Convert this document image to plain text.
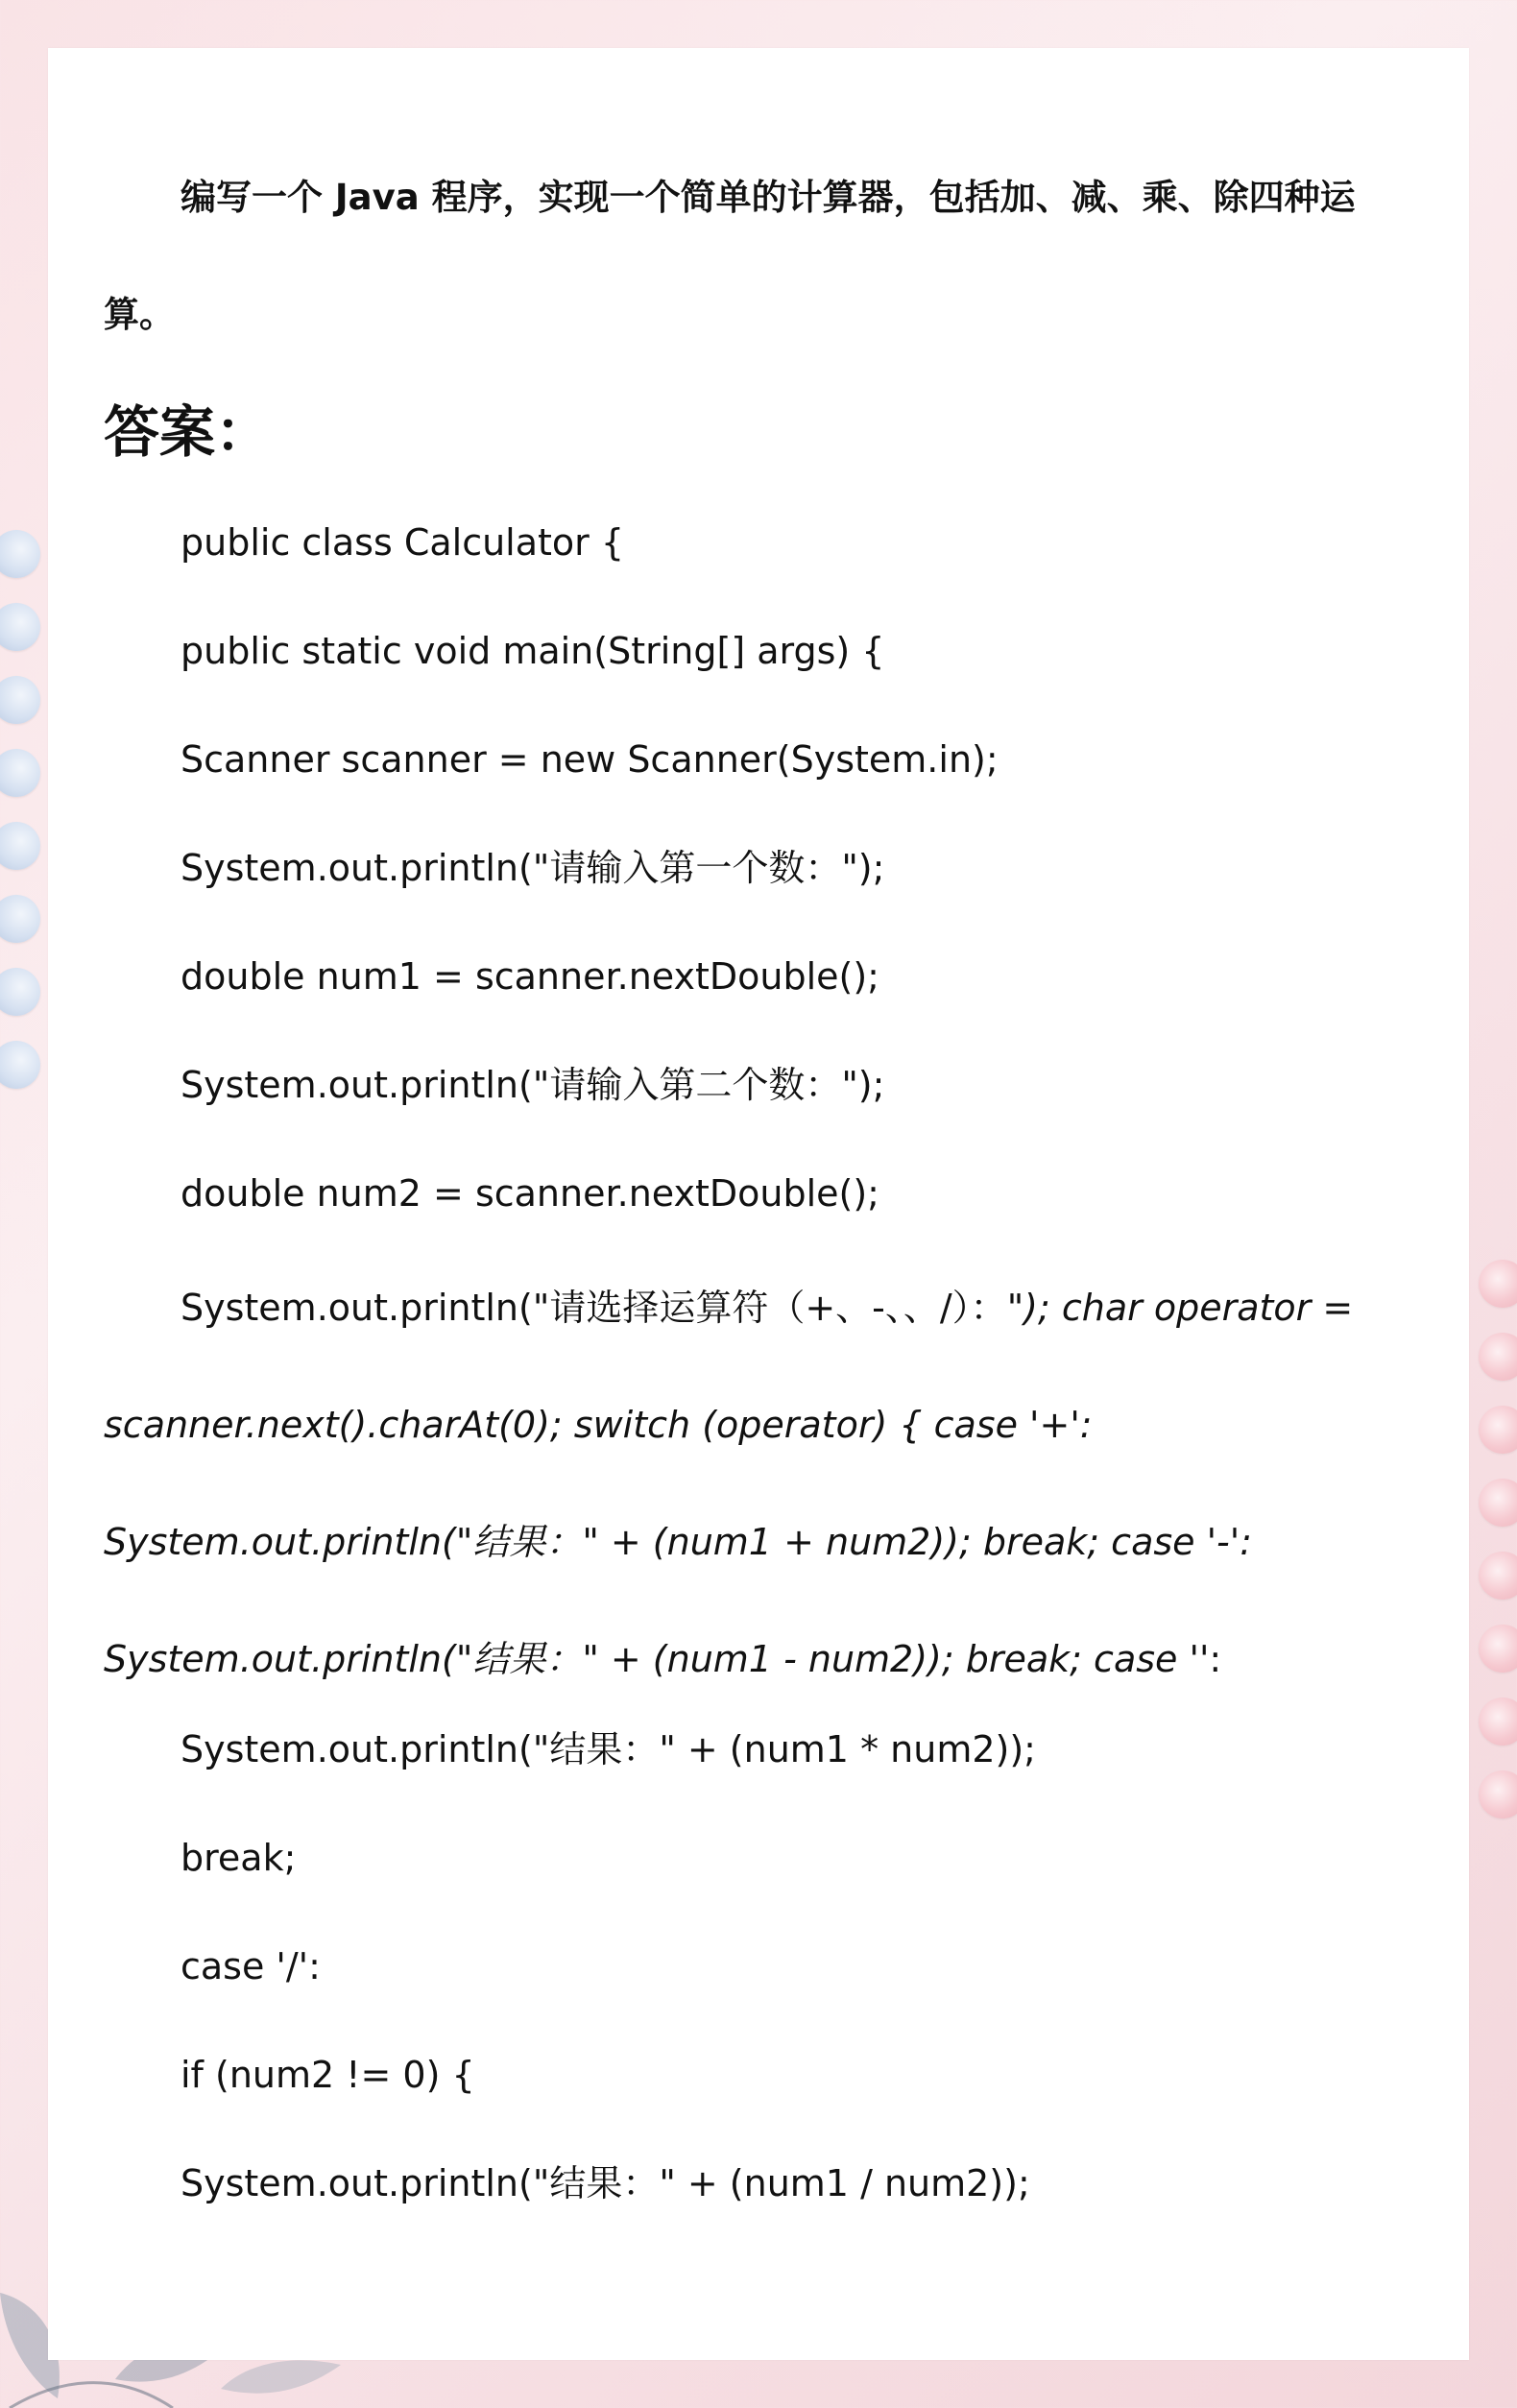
编写一个 Java 程序，实现一个简单的计算器，包括加、减、乘、除四种运算。

答案：
public class Calculator {
public static void main(String[] args) {
Scanner scanner = new Scanner(System.in);
System.out.println("请输入第一个数：");
double num1 = scanner.nextDouble();
System.out.println("请输入第二个数：");
double num2 = scanner.nextDouble();
System.out.println("请选择运算符（+、-、、/）："); char operator = scanner.next().charAt(0); switch (operator) { case '+': System.out.println("结果：" + (num1 + num2)); break; case '-': System.out.println("结果：" + (num1 - num2)); break; case '':
System.out.println("结果：" + (num1 * num2));
break;
case '/':
if (num2 != 0) {
System.out.println("结果：" + (num1 / num2));
